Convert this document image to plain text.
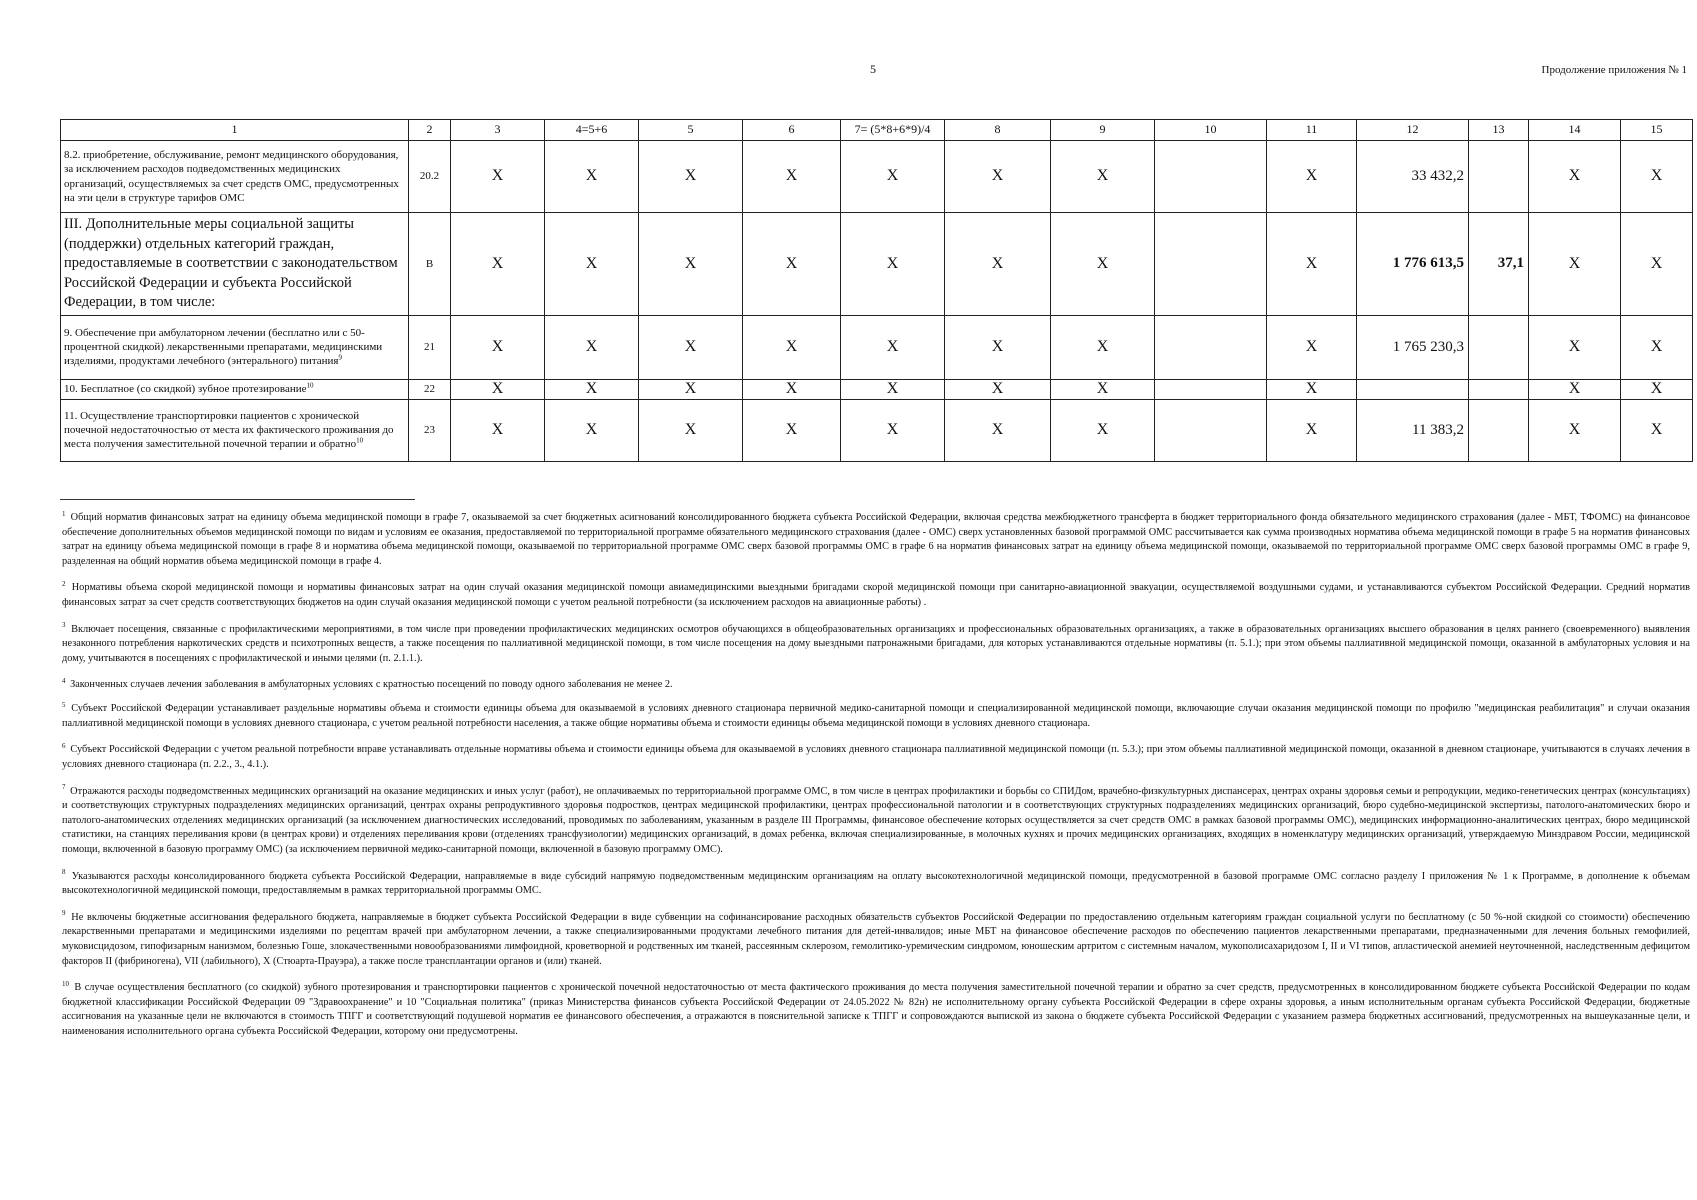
5	Продолжение приложения № 1
1	2	3	4=5+6	5	6	7= (5*8+6*9)/4	8	9	10	11	12	13	14	15
8.2. приобретение, обслуживание, ремонт медицинского оборудования, за исключением расходов подведомственных медицинских организаций, осуществляемых за счет средств ОМС, предусмотренных на эти цели в структуре тарифов ОМС	20.2	X	X	X	X	X	X	X		X	33 432,2		X	X
III. Дополнительные меры социальной защиты (поддержки) отдельных категорий граждан, предоставляемые в соответствии с законодательством Российской Федерации и субъекта Российской Федерации, в том числе:	В	X	X	X	X	X	X	X		X	1 776 613,5	37,1	X	X
9. Обеспечение при амбулаторном лечении (бесплатно или с 50-процентной скидкой) лекарственными препаратами, медицинскими изделиями, продуктами лечебного (энтерального) питания$^9$	21	X	X	X	X	X	X	X		X	1 765 230,3		X	X
10. Бесплатное (со скидкой) зубное протезирование$^{10}$	22	X	X	X	X	X	X	X		X			X	X
11. Осуществление транспортировки пациентов с хронической почечной недостаточностью от места их фактического проживания до места получения заместительной почечной терапии и обратно$^{10}$	23	X	X	X	X	X	X	X		X	11 383,2		X	X

$^1$ Общий норматив финансовых затрат на единицу объема медицинской помощи в графе 7, оказываемой за счет бюджетных асигнований консолидированного бюджета субъекта Российской Федерации, включая средства межбюджетного трансферта в бюджет территориального фонда обязательного медицинского страхования (далее - МБТ, ТФОМС) на финансовое обеспечение дополнительных объемов медицинской помощи по видам и условиям ее оказания, предоставляемой по территориальной программе обязательного медицинского страхования (далее - ОМС) сверх установленных базовой программой ОМС рассчитывается как сумма производных норматива объема медицинской помощи в графе 5 на норматив финансовых затрат на единицу объема медицинской помощи в графе 8 и норматива объема медицинской помощи, оказываемой по территориальной программе ОМС сверх базовой программы ОМС в графе 6 на норматив финансовых затрат на единицу объема медицинской помощи, оказываемой по территориальной программе ОМС сверх базовой программы ОМС в графе 9, разделенная на общий норматив объема медицинской помощи в графе 4.

$^2$ Нормативы объема скорой медицинской помощи и нормативы финансовых затрат на один случай оказания медицинской помощи авиамедицинскими выездными бригадами скорой медицинской помощи при санитарно-авиационной эвакуации, осуществляемой воздушными судами, и устанавливаются субъектом Российской Федерации. Средний норматив финансовых затрат за счет средств соответствующих бюджетов на один случай оказания медицинской помощи с учетом реальной потребности (за исключением расходов на авиационные работы) .

$^3$ Включает посещения, связанные с профилактическими мероприятиями, в том числе при проведении профилактических медицинских осмотров обучающихся в общеобразовательных организациях и профессиональных образовательных организациях, а также в образовательных организациях высшего образования в целях раннего (своевременного) выявления незаконного потребления наркотических средств и психотропных веществ, а также посещения по паллиативной медицинской помощи, в том числе посещения на дому выездными патронажными бригадами, для которых устанавливаются отдельные нормативы (п. 5.1.); при этом объемы паллиативной медицинской помощи, оказанной в амбулаторных условия и на дому, учитываются в посещениях с профилактической и иными целями (п. 2.1.1.).

$^4$ Законченных случаев лечения заболевания в амбулаторных условиях с кратностью посещений по поводу одного заболевания не менее 2.

$^5$ Субъект Российской Федерации устанавливает раздельные нормативы объема и стоимости единицы объема для оказываемой в условиях дневного стационара первичной медико-санитарной помощи и специализированной медицинской помощи, включающие случаи оказания медицинской помощи по профилю "медицинская реабилитация" и случаи оказания паллиативной медицинской помощи в условиях дневного стационара, с учетом реальной потребности населения, а также общие нормативы объема и стоимости единицы объема медицинской помощи в условиях дневного стационара.

$^6$ Субъект Российской Федерации с учетом реальной потребности вправе устанавливать отдельные нормативы объема и стоимости единицы объема для оказываемой в условиях дневного стационара паллиативной медицинской помощи (п. 5.3.); при этом объемы паллиативной медицинской помощи, оказанной в дневном стационаре, учитываются в случаях лечения в условиях дневного стационара (п. 2.2., 3., 4.1.).

$^7$ Отражаются расходы подведомственных медицинских организаций на оказание медицинских и иных услуг (работ), не оплачиваемых по территориальной программе ОМС, в том числе в центрах профилактики и борьбы со СПИДом, врачебно-физкультурных диспансерах, центрах охраны здоровья семьи и репродукции, медико-генетических центрах (консультациях) и соответствующих структурных подразделениях медицинских организаций, центрах охраны репродуктивного здоровья подростков, центрах медицинской профилактики, центрах профессиональной патологии и в соответствующих структурных подразделениях медицинских организаций, бюро судебно-медицинской экспертизы, патолого-анатомических бюро и патолого-анатомических отделениях медицинских организаций (за исключением диагностических исследований, проводимых по заболеваниям, указанным в разделе III Программы, финансовое обеспечение которых осуществляется за счет средств ОМС в рамках базовой программы ОМС), медицинских информационно-аналитических центрах, бюро медицинской статистики, на станциях переливания крови (в центрах крови) и отделениях переливания крови (отделениях трансфузиологии) медицинских организаций, в домах ребенка, включая специализированные, в молочных кухнях и прочих медицинских организациях, входящих в номенклатуру медицинских организаций, утверждаемую Минздравом России, медицинской помощи, включенной в базовую программу ОМС) (за исключением первичной медико-санитарной помощи, включенной в базовую программу ОМС).

$^8$ Указываются расходы консолидированного бюджета субъекта Российской Федерации, направляемые в виде субсидий напрямую подведомственным медицинским организациям на оплату высокотехнологичной медицинской помощи, предусмотренной в базовой программе ОМС согласно разделу I приложения № 1 к Программе, в дополнение к объемам высокотехнологичной медицинской помощи, предоставляемым в рамках территориальной программы ОМС.

$^9$ Не включены бюджетные ассигнования федерального бюджета, направляемые в бюджет субъекта Российской Федерации в виде субвенции на софинансирование расходных обязательств субъектов Российской Федерации по предоставлению отдельным категориям граждан социальной услуги по бесплатному (с 50 %-ной скидкой со стоимости) обеспечению лекарственными препаратами и медицинскими изделиями по рецептам врачей при амбулаторном лечении, а также специализированными продуктами лечебного питания для детей-инвалидов; иные МБТ на финансовое обеспечение расходов по обеспечению пациентов лекарственными препаратами, предназначенными для лечения больных гемофилией, муковисцидозом, гипофизарным нанизмом, болезнью Гоше, злокачественными новообразованиями лимфоидной, кроветворной и родственных им тканей, рассеянным склерозом, гемолитико-уремическим синдромом, юношеским артритом с системным началом, мукополисахаридозом I, II и VI типов, апластической анемией неуточненной, наследственным дефицитом факторов II (фибриногена), VII (лабильного), X (Стюарта-Прауэра), а также после трансплантации органов и (или) тканей.

$^{10}$ В случае осуществления бесплатного (со скидкой) зубного протезирования и транспортировки пациентов с хронической почечной недостаточностью от места фактического проживания до места получения заместительной почечной терапии и обратно за счет средств, предусмотренных в консолидированном бюджете субъекта Российской Федерации по кодам бюджетной классификации Российской Федерации 09 "Здравоохранение" и 10 "Социальная политика" (приказ Министерства финансов субъекта Российской Федерации от 24.05.2022 № 82н) не исполнительному органу субъекта Российской Федерации в сфере охраны здоровья, а иным исполнительным органам субъекта Российской Федерации, бюджетные ассигнования на указанные цели не включаются в стоимость ТПГГ и соответствующий подушевой норматив ее финансового обеспечения, а отражаются в пояснительной записке к ТПГГ и сопровождаются выпиской из закона о бюджете субъекта Российской Федерации с указанием размера бюджетных ассигнований, предусмотренных на вышеуказанные цели, и наименования исполнительного органа субъекта Российской Федерации, которому они предусмотрены.
